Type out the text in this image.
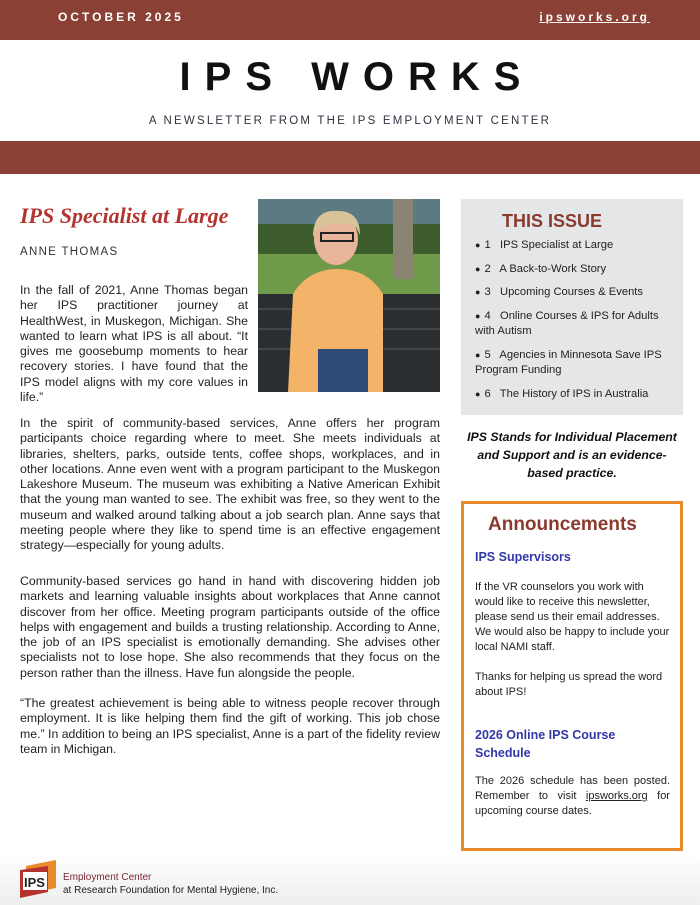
OCTOBER 2025	ipsworks.org
IPS WORKS
A NEWSLETTER FROM THE IPS EMPLOYMENT CENTER
IPS Specialist at Large
ANNE THOMAS

In the fall of 2021, Anne Thomas began her IPS practitioner journey at HealthWest, in Muskegon, Michigan. She wanted to learn what IPS is all about. “It gives me goosebump moments to hear recovery stories. I have found that the IPS model aligns with my core values in life.”

In the spirit of community-based services, Anne offers her program participants choice regarding where to meet. She meets individuals at libraries, shelters, parks, outside tents, coffee shops, workplaces, and in other locations. Anne even went with a program participant to the Muskegon Lakeshore Museum. The museum was exhibiting a Native American Exhibit that the young man wanted to see. The exhibit was free, so they went to the museum and walked around talking about a job search plan. Anne says that meeting people where they like to spend time is an effective engagement strategy—especially for young adults.

Community-based services go hand in hand with discovering hidden job markets and learning valuable insights about workplaces that Anne cannot discover from her office. Meeting program participants outside of the office helps with engagement and builds a trusting relationship. According to Anne, the job of an IPS specialist is emotionally demanding. She advises other specialists not to lose hope. She also recommends that they focus on the person rather than the illness. Have fun alongside the people.

“The greatest achievement is being able to witness people recover through employment. It is like helping them find the gift of working. This job chose me.” In addition to being an IPS specialist, Anne is a part of the fidelity review team in Michigan.

THIS ISSUE
● 1 IPS Specialist at Large
● 2 A Back-to-Work Story
● 3 Upcoming Courses & Events
● 4 Online Courses & IPS for Adults with Autism
● 5 Agencies in Minnesota Save IPS Program Funding
● 6 The History of IPS in Australia
IPS Stands for Individual Placement and Support and is an evidence-based practice.
Announcements
IPS Supervisors

If the VR counselors you work with would like to receive this newsletter, please send us their email addresses. We would also be happy to include your local NAMI staff.

Thanks for helping us spread the word about IPS!

2026 Online IPS Course Schedule

The 2026 schedule has been posted. Remember to visit ipsworks.org for upcoming course dates.

IPS Employment Center
at Research Foundation for Mental Hygiene, Inc.
